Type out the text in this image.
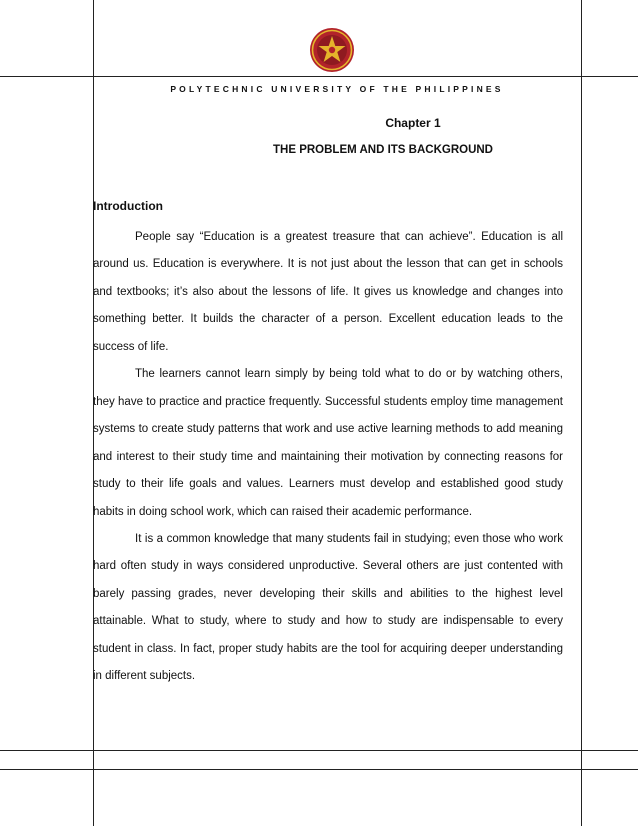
POLYTECHNIC UNIVERSITY OF THE PHILIPPINES
Chapter 1
THE PROBLEM AND ITS BACKGROUND
Introduction

People say “Education is a greatest treasure that can achieve”. Education is all around us. Education is everywhere. It is not just about the lesson that can get in schools and textbooks; it’s also about the lessons of life. It gives us knowledge and changes into something better. It builds the character of a person. Excellent education leads to the success of life.

The learners cannot learn simply by being told what to do or by watching others, they have to practice and practice frequently. Successful students employ time management systems to create study patterns that work and use active learning methods to add meaning and interest to their study time and maintaining their motivation by connecting reasons for study to their life goals and values. Learners must develop and established good study habits in doing school work, which can raised their academic performance.

It is a common knowledge that many students fail in studying; even those who work hard often study in ways considered unproductive. Several others are just contented with barely passing grades, never developing their skills and abilities to the highest level attainable. What to study, where to study and how to study are indispensable to every student in class. In fact, proper study habits are the tool for acquiring deeper understanding in different subjects.
